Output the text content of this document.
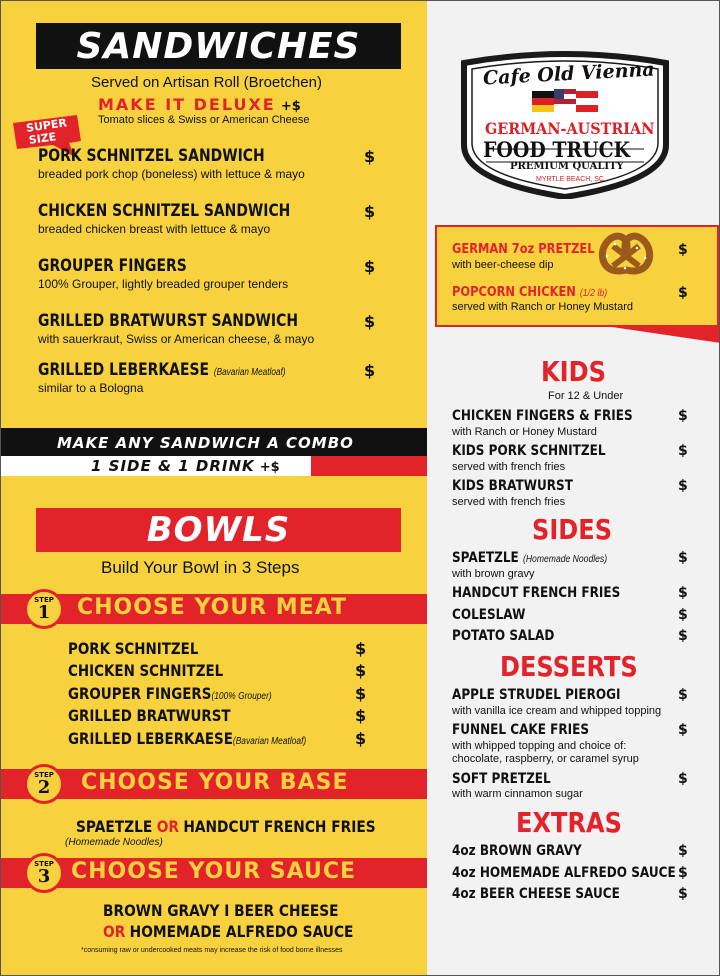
SANDWICHES
Served on Artisan Roll (Broetchen)
MAKE IT DELUXE +$
Tomato slices & Swiss or American Cheese
SUPER
SIZE
PORK SCHNITZEL SANDWICH
breaded pork chop (boneless) with lettuce & mayo
$
CHICKEN SCHNITZEL SANDWICH
breaded chicken breast with lettuce & mayo
$
GROUPER FINGERS
100% Grouper, lightly breaded grouper tenders
$
GRILLED BRATWURST SANDWICH
with sauerkraut, Swiss or American cheese, & mayo
$
GRILLED LEBERKAESE (Bavarian Meatloaf)
similar to a Bologna
$
MAKE ANY SANDWICH A COMBO
1 SIDE & 1 DRINK +$
BOWLS
Build Your Bowl in 3 Steps
STEP
1 CHOOSE YOUR MEAT
PORK SCHNITZEL	$
CHICKEN SCHNITZEL	$
GROUPER FINGERS(100% Grouper)	$
GRILLED BRATWURST	$
GRILLED LEBERKAESE(Bavarian Meatloaf)	$
STEP
2 CHOOSE YOUR BASE
SPAETZLE OR HANDCUT FRENCH FRIES
(Homemade Noodles)
STEP
3 CHOOSE YOUR SAUCE
BROWN GRAVY I BEER CHEESE
OR HOMEMADE ALFREDO SAUCE
*consuming raw or undercooked meats may increase the risk of food borne illnesses
Cafe Old Vienna
GERMAN-AUSTRIAN
FOOD TRUCK
PREMIUM QUALITY
MYRTLE BEACH, SC
GERMAN 7oz PRETZEL
with beer-cheese dip
$
POPCORN CHICKEN (1/2 lb)
served with Ranch or Honey Mustard
$
KIDS
For 12 & Under
CHICKEN FINGERS & FRIES
with Ranch or Honey Mustard
$
KIDS PORK SCHNITZEL
served with french fries
$
KIDS BRATWURST
served with french fries
$
SIDES
SPAETZLE (Homemade Noodles)
with brown gravy
$
HANDCUT FRENCH FRIES	$
COLESLAW	$
POTATO SALAD	$
DESSERTS
APPLE STRUDEL PIEROGI
with vanilla ice cream and whipped topping
$
FUNNEL CAKE FRIES
with whipped topping and choice of:
chocolate, raspberry, or caramel syrup
$
SOFT PRETZEL
with warm cinnamon sugar
$
EXTRAS
4oz BROWN GRAVY	$
4oz HOMEMADE ALFREDO SAUCE $
4oz BEER CHEESE SAUCE	$
